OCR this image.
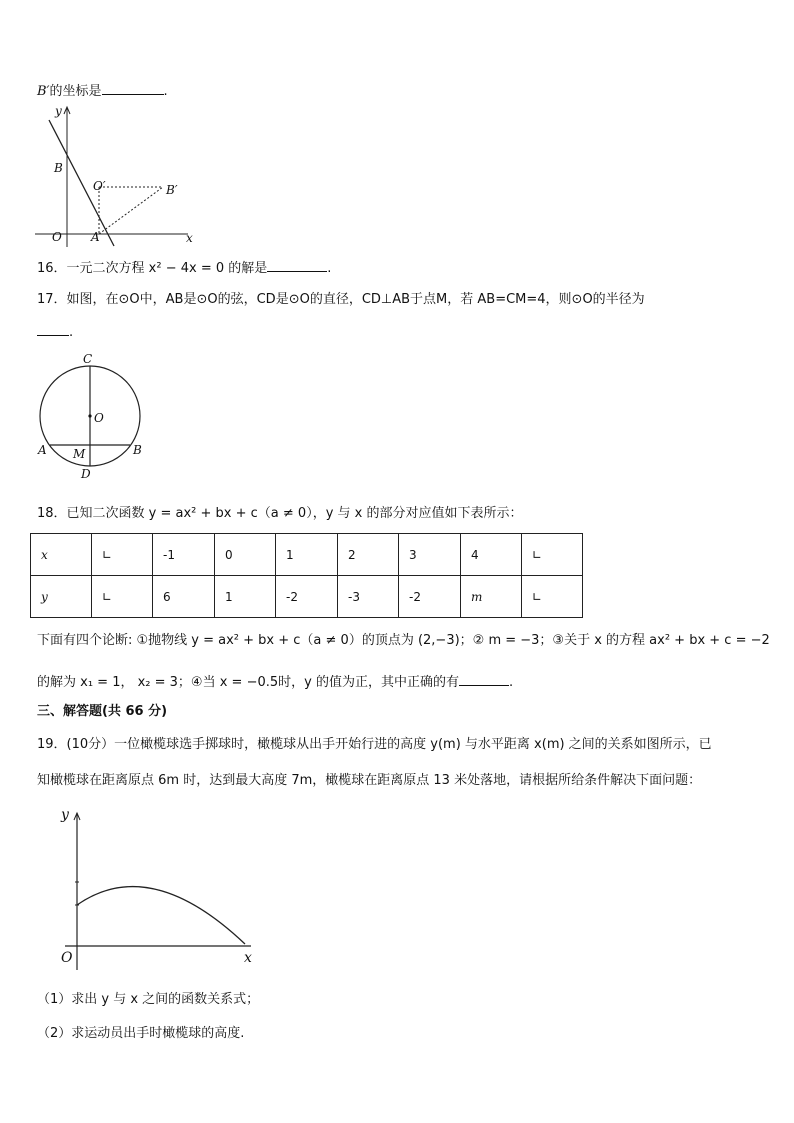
B′的坐标是	.
y
B
O′	B′
O A	x
16．一元二次方程 x² − 4x = 0 的解是	.
17．如图，在⊙O中，AB是⊙O的弦，CD是⊙O的直径，CD⊥AB于点M，若 AB=CM=4，则⊙O的半径为
.
C
O
A M	B
D
18．已知二次函数 y = ax² + bx + c（a ≠ 0），y 与 x 的部分对应值如下表所示：
x	∟	-1	0	1	2	3	4	∟
y	∟	6	1	-2	-3	-2	m	∟
下面有四个论断: ①抛物线 y = ax² + bx + c（a ≠ 0）的顶点为 (2,−3)；② m = −3；③关于 x 的方程 ax² + bx + c = −2
的解为 x₁ = 1， x₂ = 3；④当 x = −0.5时，y 的值为正，其中正确的有	.
三、解答题(共 66 分)
19．(10分）一位橄榄球选手掷球时，橄榄球从出手开始行进的高度 y(m) 与水平距离 x(m) 之间的关系如图所示，已
知橄榄球在距离原点 6m 时，达到最大高度 7m，橄榄球在距离原点 13 米处落地，请根据所给条件解决下面问题：
y
O	x
（1）求出 y 与 x 之间的函数关系式；
（2）求运动员出手时橄榄球的高度.
